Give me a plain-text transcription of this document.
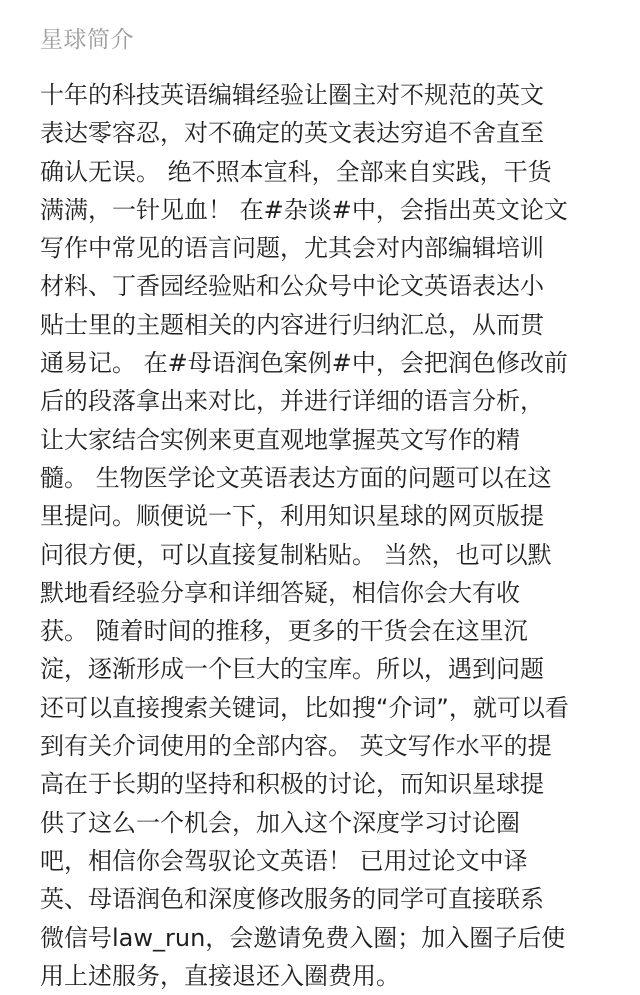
星球简介
十年的科技英语编辑经验让圈主对不规范的英文
表达零容忍，对不确定的英文表达穷追不舍直至
确认无误。 绝不照本宣科，全部来自实践，干货
满满，一针见血！ 在#杂谈#中，会指出英文论文
写作中常见的语言问题，尤其会对内部编辑培训
材料、丁香园经验贴和公众号中论文英语表达小
贴士里的主题相关的内容进行归纳汇总，从而贯
通易记。 在#母语润色案例#中，会把润色修改前
后的段落拿出来对比，并进行详细的语言分析，
让大家结合实例来更直观地掌握英文写作的精
髓。 生物医学论文英语表达方面的问题可以在这
里提问。顺便说一下，利用知识星球的网页版提
问很方便，可以直接复制粘贴。 当然，也可以默
默地看经验分享和详细答疑，相信你会大有收
获。 随着时间的推移，更多的干货会在这里沉
淀，逐渐形成一个巨大的宝库。所以，遇到问题
还可以直接搜索关键词，比如搜“介词”，就可以看
到有关介词使用的全部内容。 英文写作水平的提
高在于长期的坚持和积极的讨论，而知识星球提
供了这么一个机会，加入这个深度学习讨论圈
吧，相信你会驾驭论文英语！ 已用过论文中译
英、母语润色和深度修改服务的同学可直接联系
微信号law_run，会邀请免费入圈；加入圈子后使
用上述服务，直接退还入圈费用。
